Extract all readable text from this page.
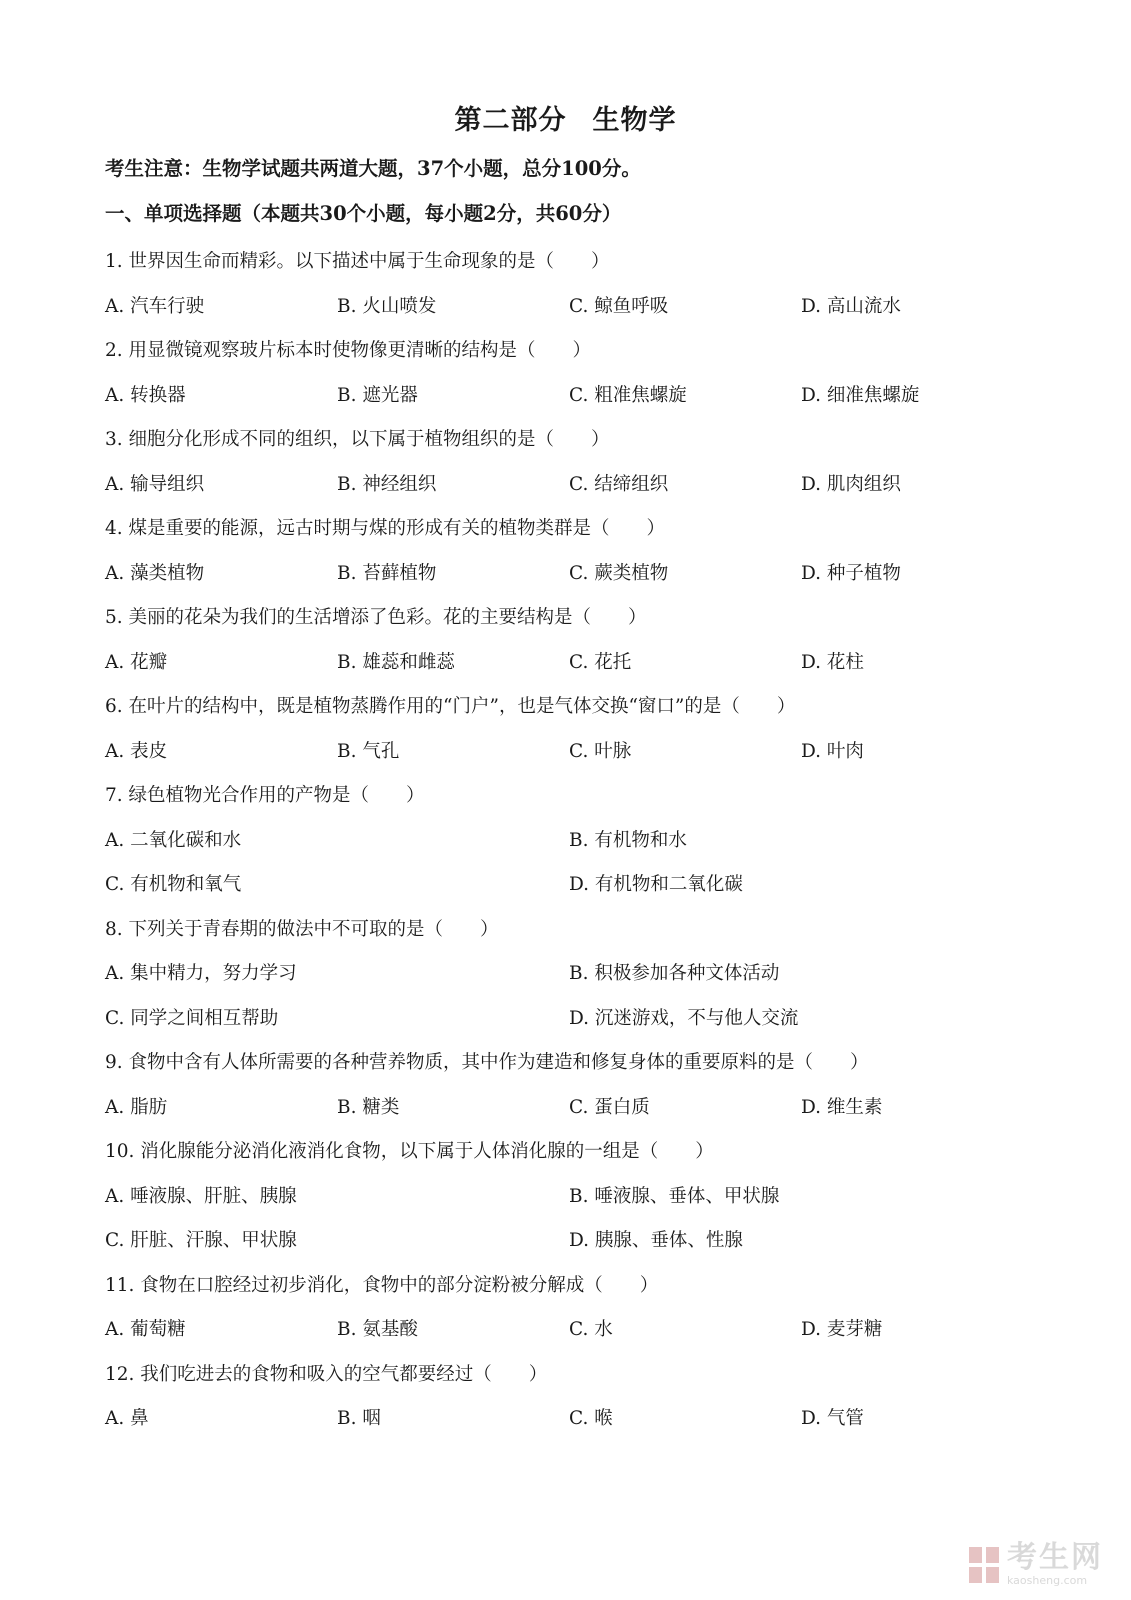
第二部分 生物学
考生注意：生物学试题共两道大题，37个小题，总分100分。
一、单项选择题（本题共30个小题，每小题2分，共60分）
1. 世界因生命而精彩。以下描述中属于生命现象的是（　　）
A. 汽车行驶	B. 火山喷发	C. 鲸鱼呼吸	D. 高山流水
2. 用显微镜观察玻片标本时使物像更清晰的结构是（　　）
A. 转换器	B. 遮光器	C. 粗准焦螺旋	D. 细准焦螺旋
3. 细胞分化形成不同的组织，以下属于植物组织的是（　　）
A. 输导组织	B. 神经组织	C. 结缔组织	D. 肌肉组织
4. 煤是重要的能源，远古时期与煤的形成有关的植物类群是（　　）
A. 藻类植物	B. 苔藓植物	C. 蕨类植物	D. 种子植物
5. 美丽的花朵为我们的生活增添了色彩。花的主要结构是（　　）
A. 花瓣	B. 雄蕊和雌蕊	C. 花托	D. 花柱
6. 在叶片的结构中，既是植物蒸腾作用的“门户”，也是气体交换“窗口”的是（　　）
A. 表皮	B. 气孔	C. 叶脉	D. 叶肉
7. 绿色植物光合作用的产物是（　　）
A. 二氧化碳和水	B. 有机物和水
C. 有机物和氧气	D. 有机物和二氧化碳
8. 下列关于青春期的做法中不可取的是（　　）
A. 集中精力，努力学习	B. 积极参加各种文体活动
C. 同学之间相互帮助	D. 沉迷游戏，不与他人交流
9. 食物中含有人体所需要的各种营养物质，其中作为建造和修复身体的重要原料的是（　　）
A. 脂肪	B. 糖类	C. 蛋白质	D. 维生素
10. 消化腺能分泌消化液消化食物，以下属于人体消化腺的一组是（　　）
A. 唾液腺、肝脏、胰腺	B. 唾液腺、垂体、甲状腺
C. 肝脏、汗腺、甲状腺	D. 胰腺、垂体、性腺
11. 食物在口腔经过初步消化，食物中的部分淀粉被分解成（　　）
A. 葡萄糖	B. 氨基酸	C. 水	D. 麦芽糖
12. 我们吃进去的食物和吸入的空气都要经过（　　）
A. 鼻	B. 咽	C. 喉	D. 气管
考生网
kaosheng.com
